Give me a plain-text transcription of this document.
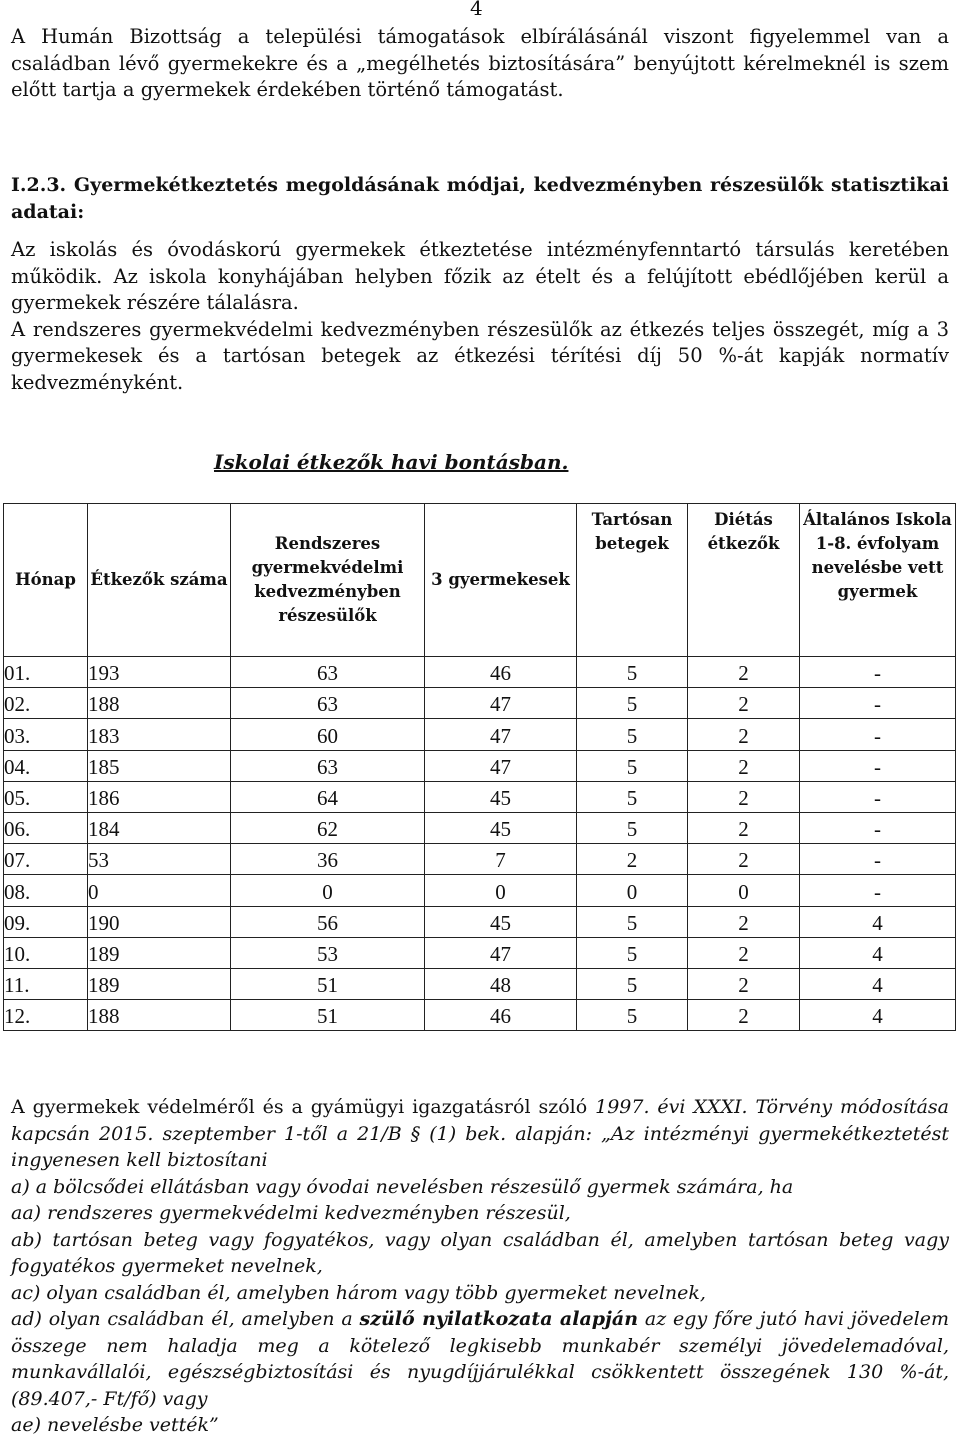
4

A Humán Bizottság a települési támogatások elbírálásánál viszont figyelemmel van a családban lévő gyermekekre és a „megélhetés biztosítására” benyújtott kérelmeknél is szem előtt tartja a gyermekek érdekében történő támogatást.

I.2.3. Gyermekétkeztetés megoldásának módjai, kedvezményben részesülők statisztikai adatai:
Az iskolás és óvodáskorú gyermekek étkeztetése intézményfenntartó társulás keretében működik. Az iskola konyhájában helyben főzik az ételt és a felújított ebédlőjében kerül a gyermekek részére tálalásra.
A rendszeres gyermekvédelmi kedvezményben részesülők az étkezés teljes összegét, míg a 3 gyermekesek és a tartósan betegek az étkezési térítési díj 50 %-át kapják normatív kedvezményként.
Iskolai étkezők havi bontásban.
Hónap	Étkezők száma	Rendszeres gyermekvédelmi kedvezményben részesülők	3 gyermekesek	Tartósan betegek	Diétás étkezők	Általános Iskola 1-8. évfolyam nevelésbe vett gyermek
01.	193	63	46	5	2	-
02.	188	63	47	5	2	-
03.	183	60	47	5	2	-
04.	185	63	47	5	2	-
05.	186	64	45	5	2	-
06.	184	62	45	5	2	-
07.	53	36	7	2	2	-
08.	0	0	0	0	0	-
09.	190	56	45	5	2	4
10.	189	53	47	5	2	4
11.	189	51	48	5	2	4
12.	188	51	46	5	2	4
A gyermekek védelméről és a gyámügyi igazgatásról szóló 1997. évi XXXI. Törvény módosítása kapcsán 2015. szeptember 1-től a 21/B § (1) bek. alapján: „Az intézményi gyermekétkeztetést ingyenesen kell biztosítani
a) a bölcsődei ellátásban vagy óvodai nevelésben részesülő gyermek számára, ha
aa) rendszeres gyermekvédelmi kedvezményben részesül,
ab) tartósan beteg vagy fogyatékos, vagy olyan családban él, amelyben tartósan beteg vagy fogyatékos gyermeket nevelnek,
ac) olyan családban él, amelyben három vagy több gyermeket nevelnek,
ad) olyan családban él, amelyben a szülő nyilatkozata alapján az egy főre jutó havi jövedelem összege nem haladja meg a kötelező legkisebb munkabér személyi jövedelemadóval, munkavállalói, egészségbiztosítási és nyugdíjjárulékkal csökkentett összegének 130 %-át, (89.407,- Ft/fő) vagy
ae) nevelésbe vették”
